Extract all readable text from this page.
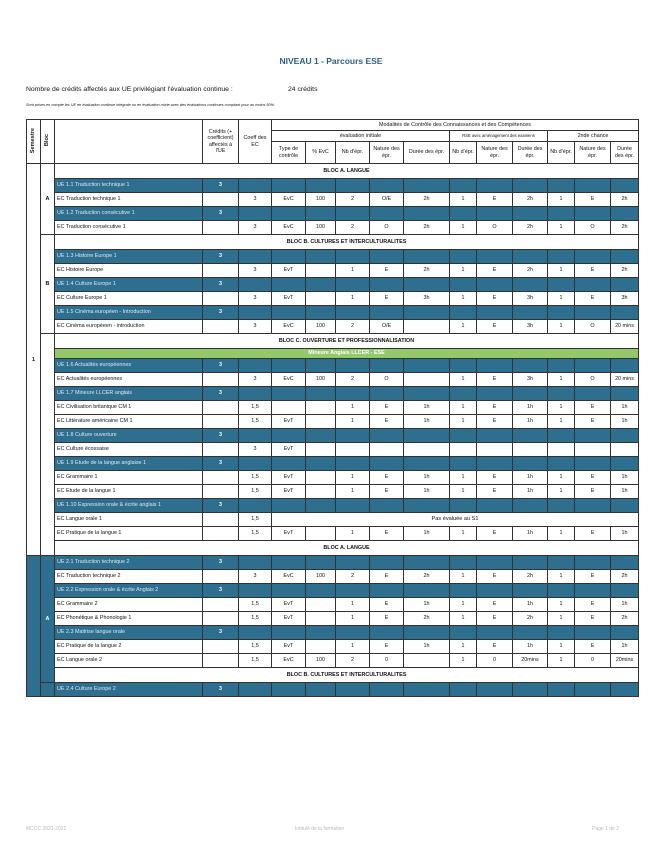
NIVEAU 1 - Parcours ESE
Nombre de crédits affectés aux UE privilégiant l'évaluation continue :	24 crédits
Sont prises en compte les UE en évaluation continue intégrale ou en évaluation mixte avec des évaluations continues comptant pour au moins 50%.
Semestre	Bloc		Crédits (+ coefficient) affectés à l'UE	Coeff des EC	Modalités de Contrôle des Connaissances et des Compétences										
					évaluation initiale					RSE avec aménagement des examens			2nde chance		
					Type de contrôle	% EvC	Nb d'épr.	Nature des épr.	Durée des épr.	Nb d'épr.	Nature des épr.	Durée des épr.	Nb d'épr.	Nature des épr.	Durée des épr.
1	A	BLOC A. LANGUE													
		UE 1.1 Traduction technique 1	3												
		EC Traduction technique 1		3	EvC	100	2	O/E	2h	1	E	2h	1	E	2h
		UE 1.2 Traduction consécutive 1	3												
		EC Traduction consécutive 1		3	EvC	100	2	O	2h	1	O	2h	1	O	2h
	B	BLOC B. CULTURES ET INTERCULTURALITES													
		UE 1.3 Histoire Europe 1	3												
		EC Histoire Europe		3	EvT		1	E	2h	1	E	2h	1	E	2h
		UE 1.4 Culture Europe 1	3												
		EC Culture Europe 1		3	EvT		1	E	3h	1	E	3h	1	E	3h
		UE 1.5 Cinéma européen - Introduction	3												
		EC Cinéma européeen - introduction		3	EvC	100	2	O/E		1	E	3h	1	O	20 mins
		BLOC C. OUVERTURE ET PROFESSIONNALISATION													
		Mineure Anglais LLCER - ESE													
		UE 1.6 Actualités européennes	3												
		EC Actualités européennes		3	EvC	100	2	O		1	E	3h	1	O	20 mins
		UE 1.7 Mineure LLCER anglais	3												
		EC Civilisation britanique CM 1		1,5			1	E	1h	1	E	1h	1	E	1h
		EC Littérature américaine CM 1		1,5	EvT		1	E	1h	1	E	1h	1	E	1h
		UE 1.8 Culture ouverture	3												
		EC Culture écossaise		3	EvT										
		UE 1.9 Etude de la langue anglaise 1	3												
		EC Grammaire 1		1,5	EvT		1	E	1h	1	E	1h	1	E	1h
		EC Etude de la langue 1		1,5	EvT		1	E	1h	1	E	1h	1	E	1h
		UE 1.10 Expression orale & écrite anglais 1	3												
		EC Langue orale 1		1,5	Pas évaluée au S1										
		EC Pratique de la langue 1		1,5	EvT		1	E	1h	1	E	1h	1	E	1h
		BLOC A. LANGUE													
	A	UE 2.1 Traduction technique 2	3												
		EC Traduction technique 2		3	EvC	100	2	E	2h	1	E	2h	1	E	2h
		UE 2.2 Expression orale & écrite Anglais 2	3												
		EC Grammaire 2		1,5	EvT		1	E	1h	1	E	1h	1	E	1h
		EC Phonétique & Phonologie 1		1,5	EvT		1	E	2h	1	E	2h	1	E	2h
		UE 2.3 Maitrise langue orale	3												
		EC Pratique de la langue 2		1,5	EvT		1	E	1h	1	E	1h	1	E	1h
		EC Langue orale 2		1,5	EvC	100	2	0		1	0	20mins	1	0	20mins
		BLOC B. CULTURES ET INTERCULTURALITES													
		UE 2.4 Culture Europe 2	3												
MCCC 2021-2022	Intitulé de la formation	Page 1 de 2
